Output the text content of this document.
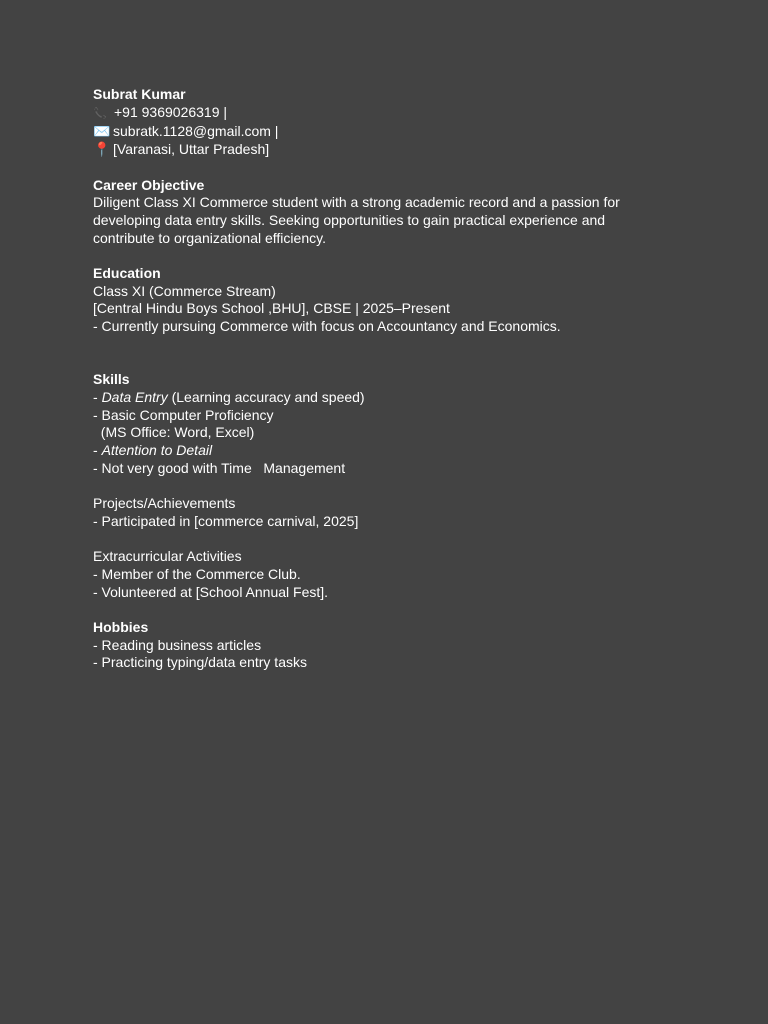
Subrat Kumar
📞 +91 9369026319 |
✉️ subratk.1128@gmail.com |
📍 [Varanasi, Uttar Pradesh]
Career Objective
Diligent Class XI Commerce student with a strong academic record and a passion for developing data entry skills. Seeking opportunities to gain practical experience and contribute to organizational efficiency.
Education
Class XI (Commerce Stream)
[Central Hindu Boys School ,BHU], CBSE | 2025–Present
- Currently pursuing Commerce with focus on Accountancy and Economics.
Skills
- Data Entry (Learning accuracy and speed)
- Basic Computer Proficiency
(MS Office: Word, Excel)
- Attention to Detail
- Not very good with Time   Management
Projects/Achievements
- Participated in [commerce carnival, 2025]
Extracurricular Activities
- Member of the Commerce Club.
- Volunteered at [School Annual Fest].
Hobbies
- Reading business articles
- Practicing typing/data entry tasks
